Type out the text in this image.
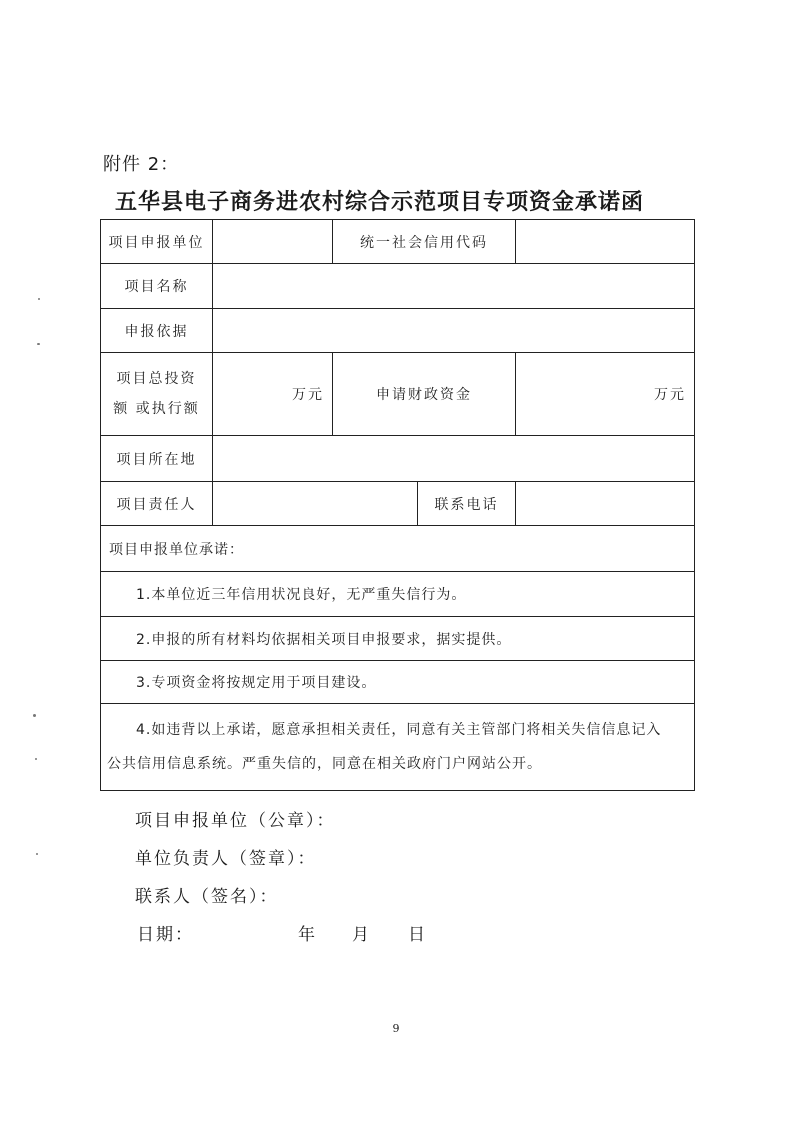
附件 2：
五华县电子商务进农村综合示范项目专项资金承诺函
项目申报单位		统一社会信用代码		
项目名称				
申报依据				

项目总投资
额 或执行额	万元	申请财政资金		万元
项目所在地				
项目责任人			联系电话	
项目申报单位承诺：				
1.本单位近三年信用状况良好，无严重失信行为。				
2.申报的所有材料均依据相关项目申报要求，据实提供。				
3.专项资金将按规定用于项目建设。				

4.如违背以上承诺，愿意承担相关责任，同意有关主管部门将相关失信信息记入
公共信用信息系统。严重失信的，同意在相关政府门户网站公开。				
项目申报单位（公章）：
单位负责人（签章）：
联系人（签名）：
日期：	年 月 日
9
